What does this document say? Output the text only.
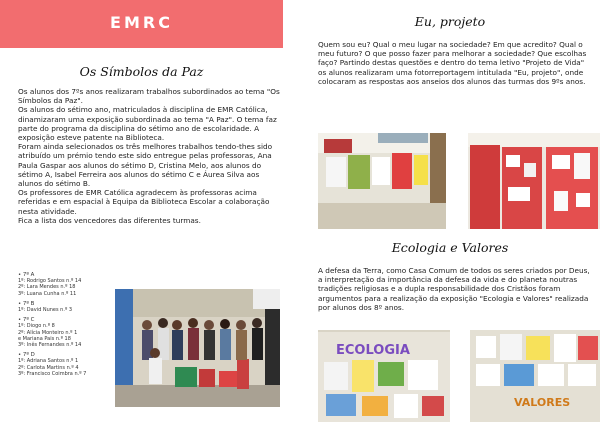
EMRC
Os Símbolos da Paz

Os alunos dos 7ºs anos realizaram trabalhos subordinados ao tema "Os Símbolos da Paz".

Os alunos do sétimo ano, matriculados à disciplina de EMR Católica, dinamizaram uma exposição subordinada ao tema "A Paz". O tema faz parte do programa da disciplina do sétimo ano de escolaridade. A exposição esteve patente na Biblioteca.

Foram ainda selecionados os três melhores trabalhos tendo-thes sido atribuído um prémio tendo este sido entregue pelas professoras, Ana Paula Gaspar aos alunos do sétimo D, Cristina Melo, aos alunos do sétimo A, Isabel Ferreira aos alunos do sétimo C e Áurea Silva aos alunos do sétimo B.

Os professores de EMR Católica agradecem às professoras acima referidas e em espacial à Equipa da Biblioteca Escolar a colaboração nesta atividade.

Fica a lista dos vencedores das diferentes turmas.

• 7º A
1º: Rodrigo Santos n.º 14
2º: Lara Mendes n.º 18
3º: Luana Cunha n.º 11
• 7º B
1º: David Nunes n.º 3
• 7º C
1º: Diogo n.º 8
2º: Alícia Monteiro n.º 1
e Mariana Pais n.º 18
3º: Inês Fernandes n.º 14
• 7º D
1º: Adriana Santos n.º 1
2º: Carlota Martins n.º 4
3º: Francisco Coimbra n.º 7
Eu, projeto
Quem sou eu? Qual o meu lugar na sociedade? Em que acredito? Qual o meu futuro? O que posso fazer para melhorar a sociedade? Que escolhas faço? Partindo destas questões e dentro do tema letivo "Projeto de Vida" os alunos realizaram uma fotorreportagem intitulada "Eu, projeto", onde colocaram as respostas aos anseios dos alunos das turmas dos 9ºs anos.
Ecologia e Valores
A defesa da Terra, como Casa Comum de todos os seres criados por Deus, a interpretação da importância da defesa da vida e do planeta noutras tradições religiosas e a dupla responsabilidade dos Cristãos foram argumentos para a realização da exposição "Ecologia e Valores" realizada por alunos dos 8º anos.
ECOLOGIA
VALORES
